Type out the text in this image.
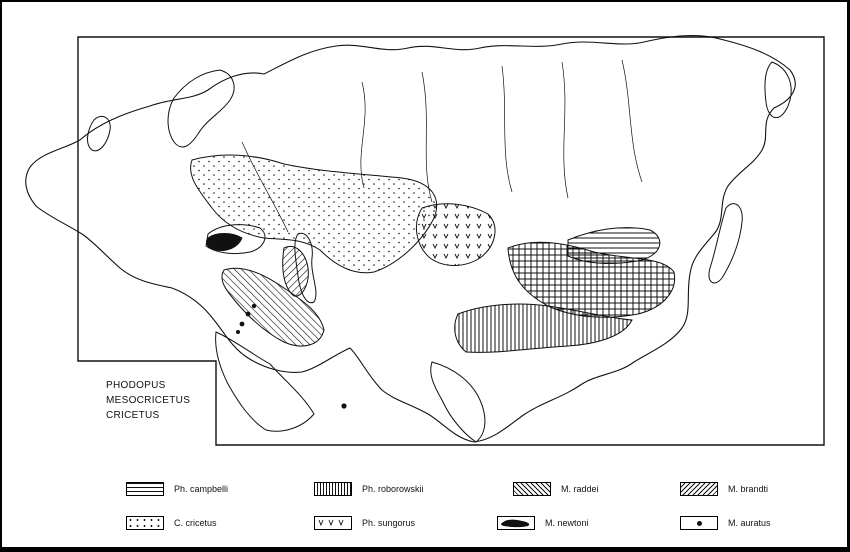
PHODOPUS
MESOCRICETUS
CRICETUS
Ph. campbelli	Ph. roborowskii	M. raddei	M. brandti
C. cricetus	Ph. sungorus	M. newtoni	M. auratus
